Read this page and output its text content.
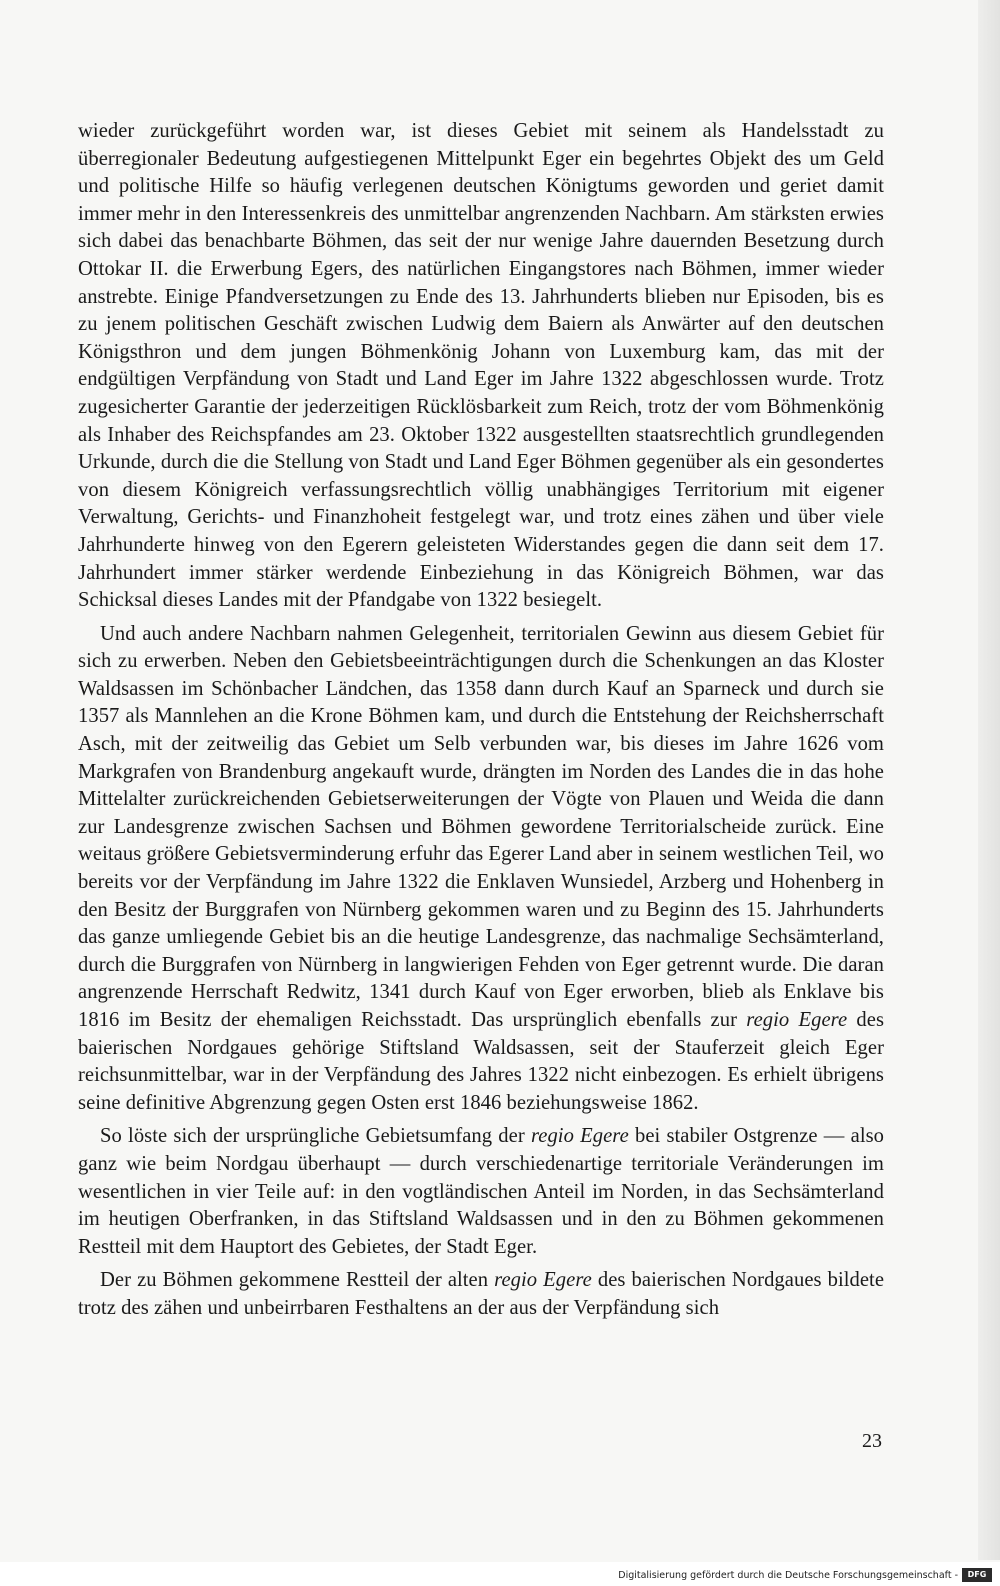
wieder zurückgeführt worden war, ist dieses Gebiet mit seinem als Handelsstadt zu überregionaler Bedeutung aufgestiegenen Mittelpunkt Eger ein begehrtes Objekt des um Geld und politische Hilfe so häufig verlegenen deutschen Königtums geworden und geriet damit immer mehr in den Interessenkreis des unmittelbar angrenzenden Nachbarn. Am stärksten erwies sich dabei das benachbarte Böhmen, das seit der nur wenige Jahre dauernden Besetzung durch Ottokar II. die Erwerbung Egers, des natürlichen Eingangstores nach Böhmen, immer wieder anstrebte. Einige Pfandversetzungen zu Ende des 13. Jahrhunderts blieben nur Episoden, bis es zu jenem politischen Geschäft zwischen Ludwig dem Baiern als Anwärter auf den deutschen Königsthron und dem jungen Böhmenkönig Johann von Luxemburg kam, das mit der endgültigen Verpfändung von Stadt und Land Eger im Jahre 1322 abgeschlossen wurde. Trotz zugesicherter Garantie der jederzeitigen Rücklösbarkeit zum Reich, trotz der vom Böhmenkönig als Inhaber des Reichspfandes am 23. Oktober 1322 ausgestellten staatsrechtlich grundlegenden Urkunde, durch die die Stellung von Stadt und Land Eger Böhmen gegenüber als ein gesondertes von diesem Königreich verfassungsrechtlich völlig unabhängiges Territorium mit eigener Verwaltung, Gerichts- und Finanzhoheit festgelegt war, und trotz eines zähen und über viele Jahrhunderte hinweg von den Egerern geleisteten Widerstandes gegen die dann seit dem 17. Jahrhundert immer stärker werdende Einbeziehung in das Königreich Böhmen, war das Schicksal dieses Landes mit der Pfandgabe von 1322 besiegelt.

Und auch andere Nachbarn nahmen Gelegenheit, territorialen Gewinn aus diesem Gebiet für sich zu erwerben. Neben den Gebietsbeeinträchtigungen durch die Schenkungen an das Kloster Waldsassen im Schönbacher Ländchen, das 1358 dann durch Kauf an Sparneck und durch sie 1357 als Mannlehen an die Krone Böhmen kam, und durch die Entstehung der Reichsherrschaft Asch, mit der zeitweilig das Gebiet um Selb verbunden war, bis dieses im Jahre 1626 vom Markgrafen von Brandenburg angekauft wurde, drängten im Norden des Landes die in das hohe Mittelalter zurückreichenden Gebietserweiterungen der Vögte von Plauen und Weida die dann zur Landesgrenze zwischen Sachsen und Böhmen gewordene Territorialscheide zurück. Eine weitaus größere Gebietsverminderung erfuhr das Egerer Land aber in seinem westlichen Teil, wo bereits vor der Verpfändung im Jahre 1322 die Enklaven Wunsiedel, Arzberg und Hohenberg in den Besitz der Burggrafen von Nürnberg gekommen waren und zu Beginn des 15. Jahrhunderts das ganze umliegende Gebiet bis an die heutige Landesgrenze, das nachmalige Sechsämterland, durch die Burggrafen von Nürnberg in langwierigen Fehden von Eger getrennt wurde. Die daran angrenzende Herrschaft Redwitz, 1341 durch Kauf von Eger erworben, blieb als Enklave bis 1816 im Besitz der ehemaligen Reichsstadt. Das ursprünglich ebenfalls zur regio Egere des baierischen Nordgaues gehörige Stiftsland Waldsassen, seit der Stauferzeit gleich Eger reichsunmittelbar, war in der Verpfändung des Jahres 1322 nicht einbezogen. Es erhielt übrigens seine definitive Abgrenzung gegen Osten erst 1846 beziehungsweise 1862.

So löste sich der ursprüngliche Gebietsumfang der regio Egere bei stabiler Ostgrenze — also ganz wie beim Nordgau überhaupt — durch verschiedenartige territoriale Veränderungen im wesentlichen in vier Teile auf: in den vogtländischen Anteil im Norden, in das Sechsämterland im heutigen Oberfranken, in das Stiftsland Waldsassen und in den zu Böhmen gekommenen Restteil mit dem Hauptort des Gebietes, der Stadt Eger.

Der zu Böhmen gekommene Restteil der alten regio Egere des baierischen Nordgaues bildete trotz des zähen und unbeirrbaren Festhaltens an der aus der Verpfändung sich

23
Digitalisierung gefördert durch die Deutsche Forschungsgemeinschaft -	DFG
